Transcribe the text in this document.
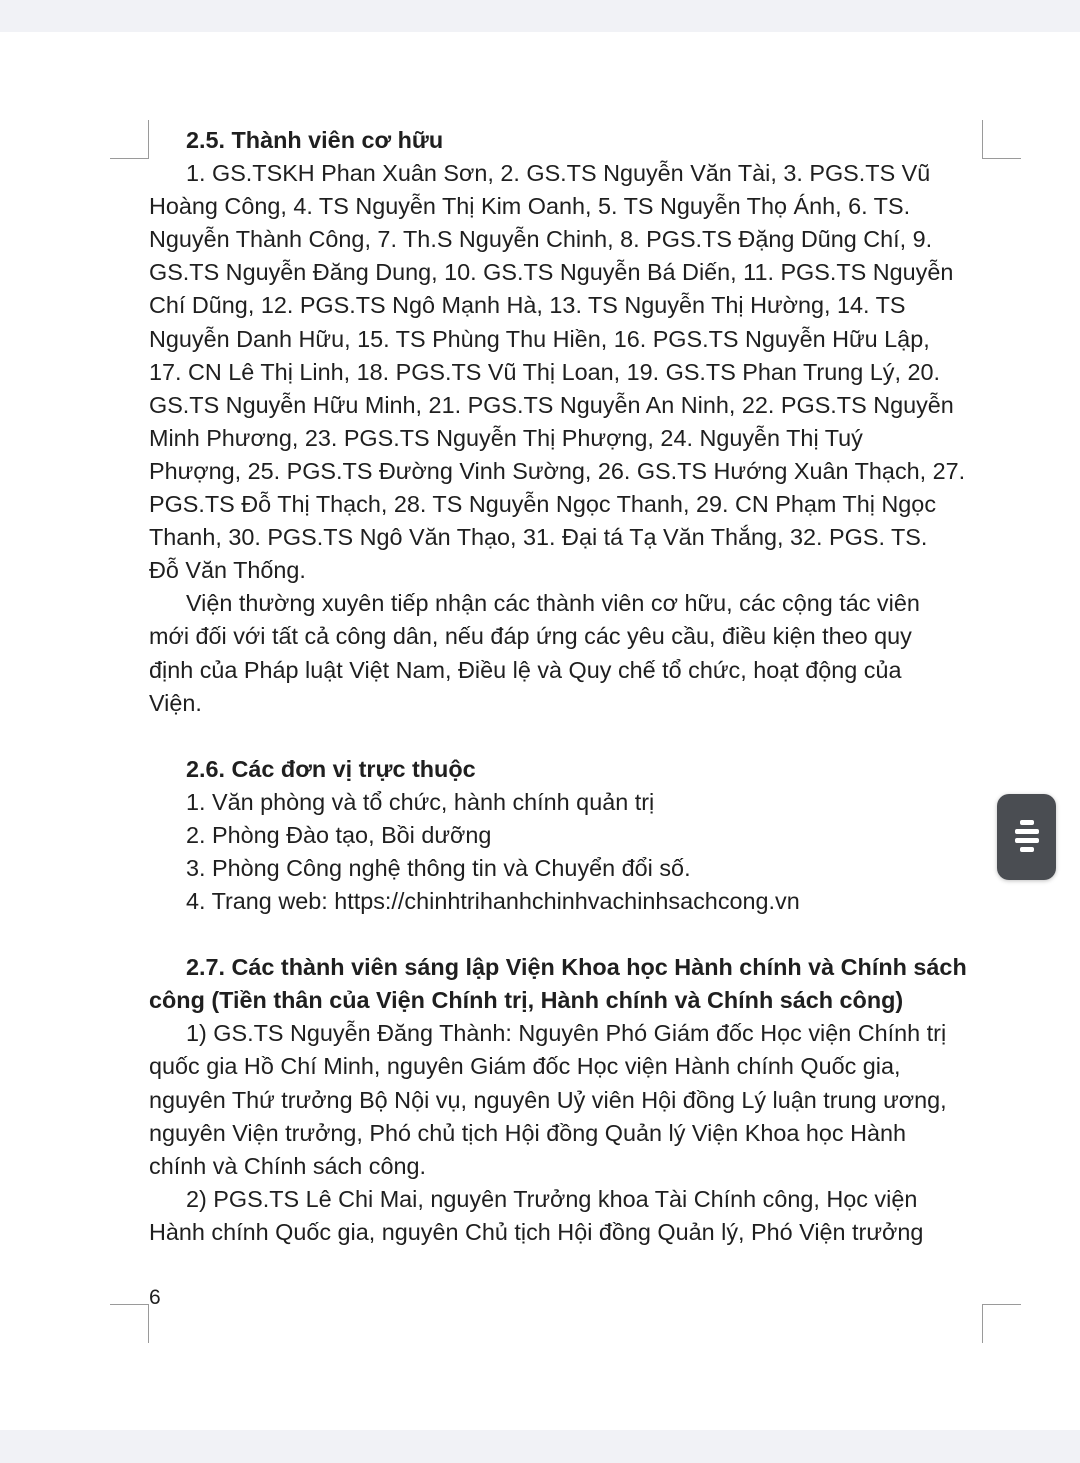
2.5. Thành viên cơ hữu

1. GS.TSKH Phan Xuân Sơn, 2. GS.TS Nguyễn Văn Tài, 3. PGS.TS Vũ

Hoàng Công, 4. TS Nguyễn Thị Kim Oanh, 5. TS Nguyễn Thọ Ánh, 6. TS.

Nguyễn Thành Công, 7. Th.S Nguyễn Chinh, 8. PGS.TS Đặng Dũng Chí, 9.

GS.TS Nguyễn Đăng Dung, 10. GS.TS Nguyễn Bá Diến, 11. PGS.TS Nguyễn

Chí Dũng, 12. PGS.TS Ngô Mạnh Hà, 13. TS Nguyễn Thị Hường, 14. TS

Nguyễn Danh Hữu, 15. TS Phùng Thu Hiền, 16. PGS.TS Nguyễn Hữu Lập,

17. CN Lê Thị Linh, 18. PGS.TS Vũ Thị Loan, 19. GS.TS Phan Trung Lý, 20.

GS.TS Nguyễn Hữu Minh, 21. PGS.TS Nguyễn An Ninh, 22. PGS.TS Nguyễn

Minh Phương, 23. PGS.TS Nguyễn Thị Phượng, 24. Nguyễn Thị Tuý

Phượng, 25. PGS.TS Đường Vinh Sường, 26. GS.TS Hướng Xuân Thạch, 27.

PGS.TS Đỗ Thị Thạch, 28. TS Nguyễn Ngọc Thanh, 29. CN Phạm Thị Ngọc

Thanh, 30. PGS.TS Ngô Văn Thạo, 31. Đại tá Tạ Văn Thắng, 32. PGS. TS.

Đỗ Văn Thống.

Viện thường xuyên tiếp nhận các thành viên cơ hữu, các cộng tác viên

mới đối với tất cả công dân, nếu đáp ứng các yêu cầu, điều kiện theo quy

định của Pháp luật Việt Nam, Điều lệ và Quy chế tổ chức, hoạt động của

Viện.

2.6. Các đơn vị trực thuộc

1. Văn phòng và tổ chức, hành chính quản trị

2. Phòng Đào tạo, Bồi dưỡng

3. Phòng Công nghệ thông tin và Chuyển đổi số.

4. Trang web: https://chinhtrihanhchinhvachinhsachcong.vn

2.7. Các thành viên sáng lập Viện Khoa học Hành chính và Chính sách

công (Tiền thân của Viện Chính trị, Hành chính và Chính sách công)

1) GS.TS Nguyễn Đăng Thành: Nguyên Phó Giám đốc Học viện Chính trị

quốc gia Hồ Chí Minh, nguyên Giám đốc Học viện Hành chính Quốc gia,

nguyên Thứ trưởng Bộ Nội vụ, nguyên Uỷ viên Hội đồng Lý luận trung ương,

nguyên Viện trưởng, Phó chủ tịch Hội đồng Quản lý Viện Khoa học Hành

chính và Chính sách công.

2) PGS.TS Lê Chi Mai, nguyên Trưởng khoa Tài Chính công, Học viện

Hành chính Quốc gia, nguyên Chủ tịch Hội đồng Quản lý, Phó Viện trưởng

6
